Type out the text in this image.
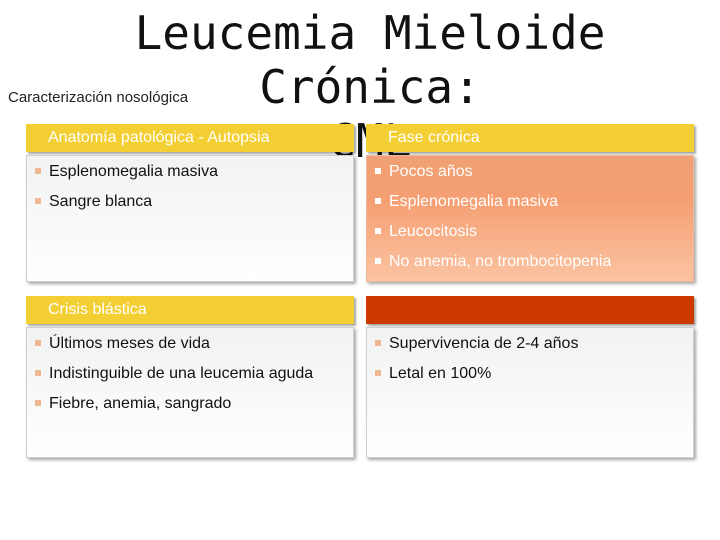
Leucemia Mieloide Crónica:
Caracterización nosológica
Anatomía patológica - Autopsia
Esplenomegalia masiva
Sangre blanca
Fase crónica
Pocos años
Esplenomegalia masiva
Leucocitosis
No anemia, no trombocitopenia
Crisis blástica
Últimos meses de vida
Indistinguible de una leucemia aguda
Fiebre, anemia, sangrado
Supervivencia de 2-4 años
Letal en 100%
